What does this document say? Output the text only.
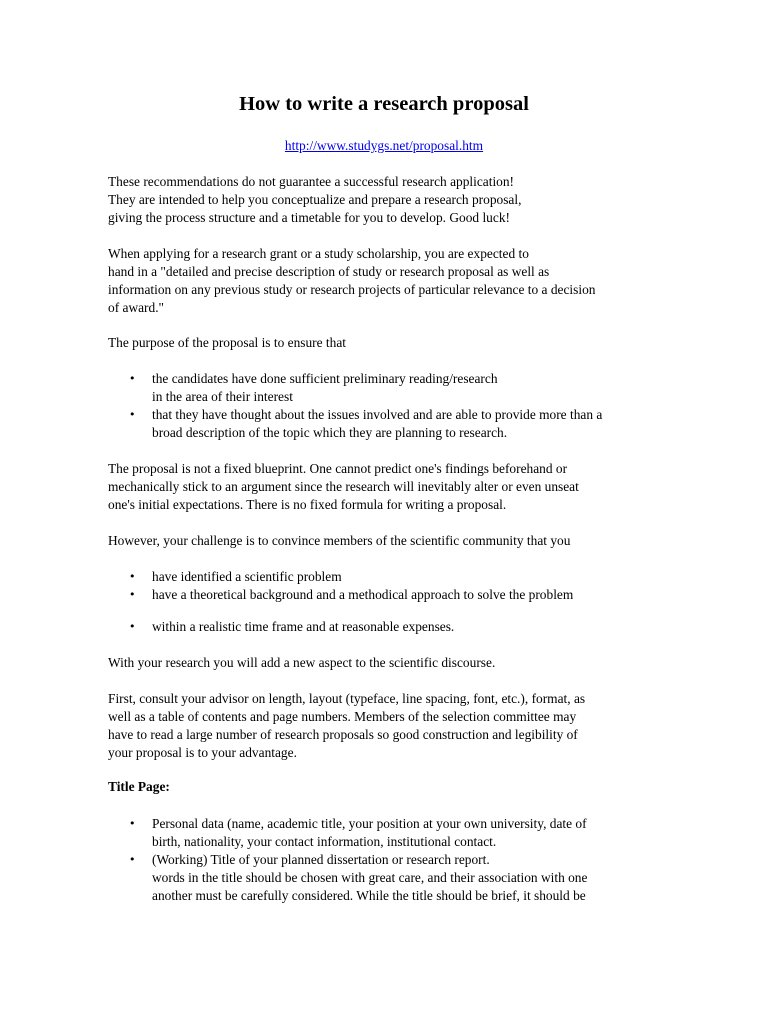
How to write a research proposal
http://www.studygs.net/proposal.htm

These recommendations do not guarantee a successful research application!
They are intended to help you conceptualize and prepare a research proposal,
giving the process structure and a timetable for you to develop. Good luck!

When applying for a research grant or a study scholarship, you are expected to
hand in a "detailed and precise description of study or research proposal as well as
information on any previous study or research projects of particular relevance to a decision
of award."

The purpose of the proposal is to ensure that

• the candidates have done sufficient preliminary reading/research
in the area of their interest
• that they have thought about the issues involved and are able to provide more than a
broad description of the topic which they are planning to research.

The proposal is not a fixed blueprint. One cannot predict one's findings beforehand or
mechanically stick to an argument since the research will inevitably alter or even unseat
one's initial expectations. There is no fixed formula for writing a proposal.

However, your challenge is to convince members of the scientific community that you

• have identified a scientific problem
• have a theoretical background and a methodical approach to solve the problem
• within a realistic time frame and at reasonable expenses.

With your research you will add a new aspect to the scientific discourse.

First, consult your advisor on length, layout (typeface, line spacing, font, etc.), format, as
well as a table of contents and page numbers. Members of the selection committee may
have to read a large number of research proposals so good construction and legibility of
your proposal is to your advantage.

Title Page:

• Personal data (name, academic title, your position at your own university, date of
birth, nationality, your contact information, institutional contact.
• (Working) Title of your planned dissertation or research report.
words in the title should be chosen with great care, and their association with one
another must be carefully considered. While the title should be brief, it should be
